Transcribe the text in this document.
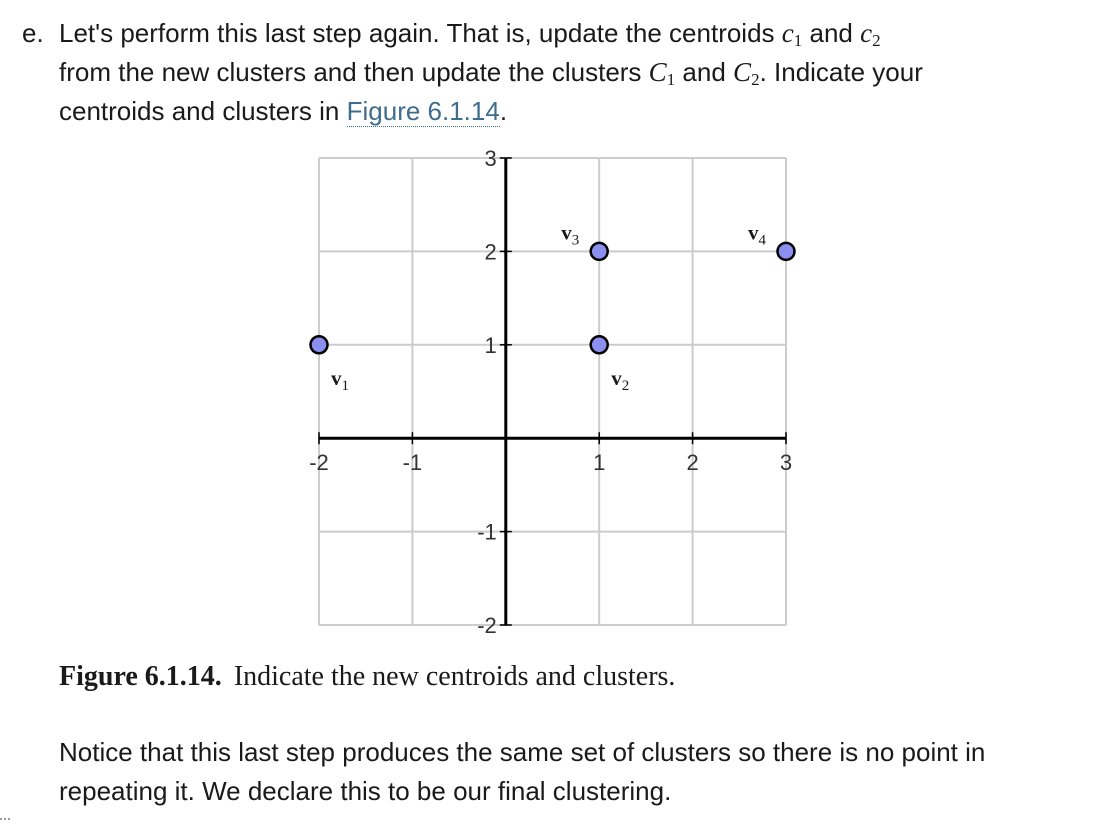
e. Let's perform this last step again. That is, update the centroids $c_1$ and $c_2$
from the new clusters and then update the clusters $C_1$ and $C_2$. Indicate your
centroids and clusters in Figure 6.1.14.
-2	-1	1	2	3
3
2
1
-1
-2
$v_1$	$v_2$
$v_3$	$v_4$
Figure 6.1.14. Indicate the new centroids and clusters.
Notice that this last step produces the same set of clusters so there is no point in repeating it. We declare this to be our final clustering.
